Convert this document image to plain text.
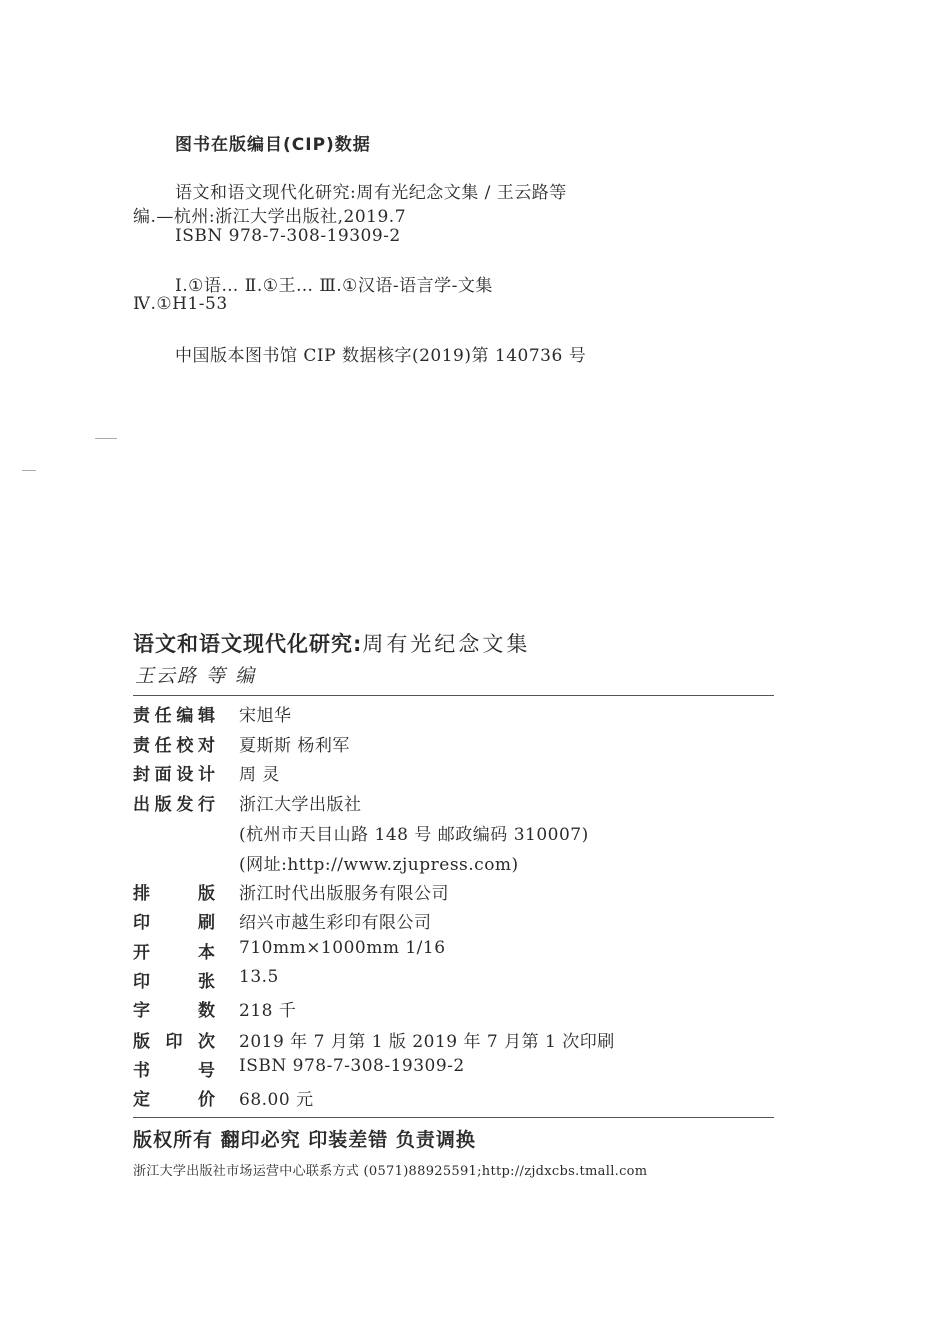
图书在版编目(CIP)数据
语文和语文现代化研究:周有光纪念文集 / 王云路等
编.—杭州:浙江大学出版社,2019.7
ISBN 978-7-308-19309-2
Ⅰ.①语… Ⅱ.①王… Ⅲ.①汉语-语言学-文集
Ⅳ.①H1-53
中国版本图书馆 CIP 数据核字(2019)第 140736 号
语文和语文现代化研究:周有光纪念文集
王云路 等 编
责任编辑 宋旭华
责任校对 夏斯斯 杨利军
封面设计 周 灵
出版发行 浙江大学出版社
(杭州市天目山路 148 号 邮政编码 310007)
(网址:http://www.zjupress.com)
排版 浙江时代出版服务有限公司
印刷 绍兴市越生彩印有限公司
开本 710mm×1000mm 1/16
印张 13.5
字数 218 千
版印次 2019 年 7 月第 1 版 2019 年 7 月第 1 次印刷
书号 ISBN 978-7-308-19309-2
定价 68.00 元
版权所有 翻印必究 印装差错 负责调换
浙江大学出版社市场运营中心联系方式 (0571)88925591;http://zjdxcbs.tmall.com
